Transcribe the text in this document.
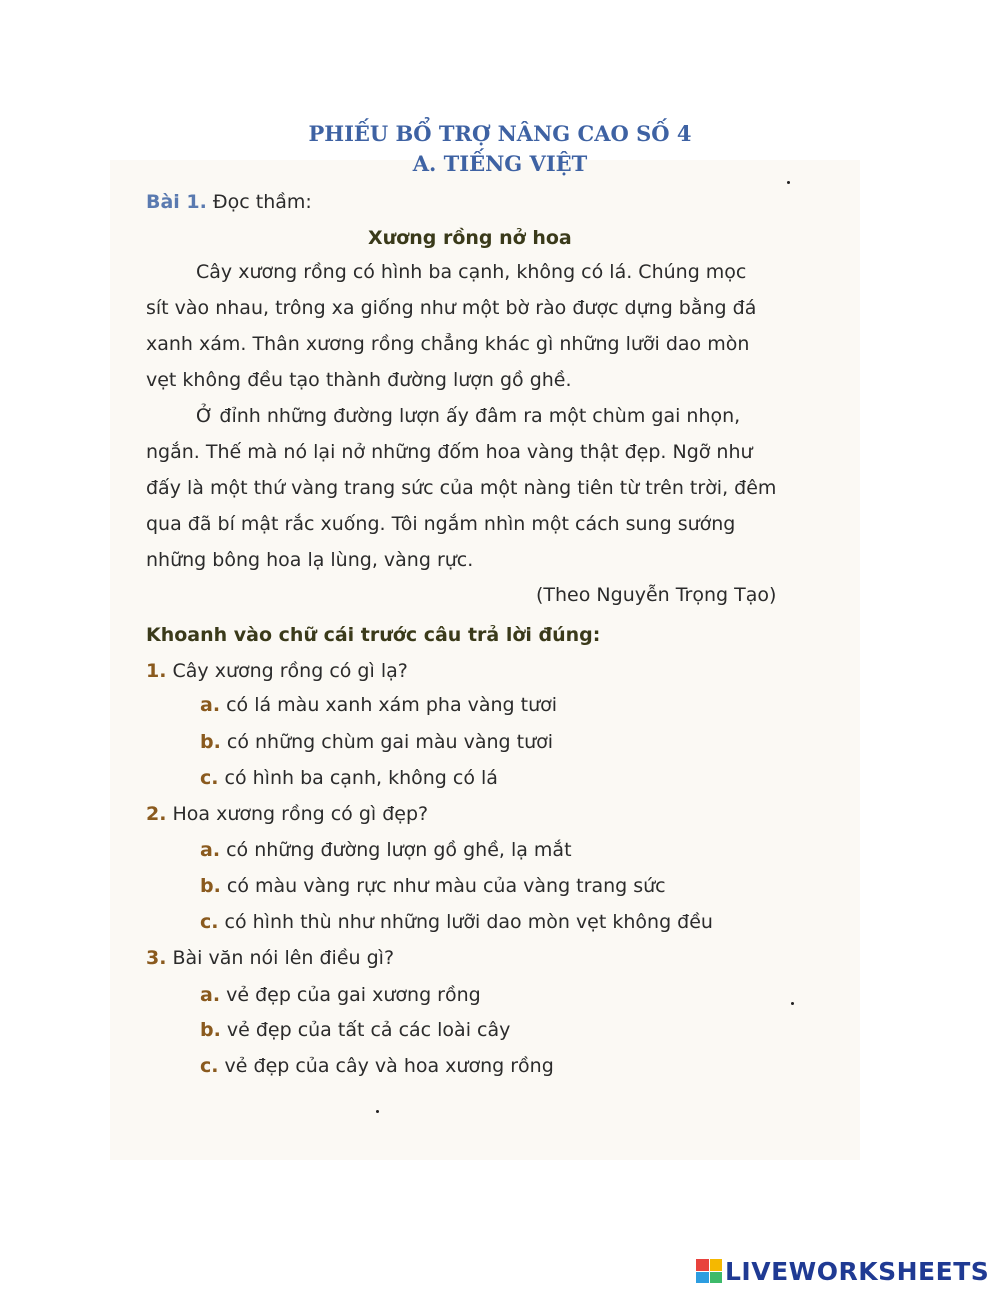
PHIẾU BỔ TRỢ NÂNG CAO SỐ 4
A. TIẾNG VIỆT
Bài 1. Đọc thầm:
Xương rồng nở hoa
Cây xương rồng có hình ba cạnh, không có lá. Chúng mọc
sít vào nhau, trông xa giống như một bờ rào được dựng bằng đá
xanh xám. Thân xương rồng chẳng khác gì những lưỡi dao mòn
vẹt không đều tạo thành đường lượn gồ ghề.
Ở đỉnh những đường lượn ấy đâm ra một chùm gai nhọn,
ngắn. Thế mà nó lại nở những đốm hoa vàng thật đẹp. Ngỡ như
đấy là một thứ vàng trang sức của một nàng tiên từ trên trời, đêm
qua đã bí mật rắc xuống. Tôi ngắm nhìn một cách sung sướng
những bông hoa lạ lùng, vàng rực.
(Theo Nguyễn Trọng Tạo)
Khoanh vào chữ cái trước câu trả lời đúng:
1. Cây xương rồng có gì lạ?
a. có lá màu xanh xám pha vàng tươi
b. có những chùm gai màu vàng tươi
c. có hình ba cạnh, không có lá
2. Hoa xương rồng có gì đẹp?
a. có những đường lượn gồ ghề, lạ mắt
b. có màu vàng rực như màu của vàng trang sức
c. có hình thù như những lưỡi dao mòn vẹt không đều
3. Bài văn nói lên điều gì?
a. vẻ đẹp của gai xương rồng
b. vẻ đẹp của tất cả các loài cây
c. vẻ đẹp của cây và hoa xương rồng
LIVEWORKSHEETS
